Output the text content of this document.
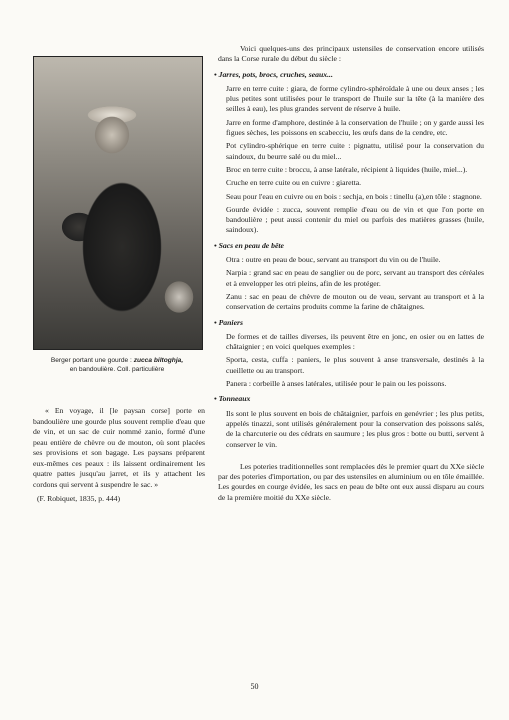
Berger portant une gourde : zucca biltoghja,
en bandoulière. Coll. particulière

« En voyage, il [le paysan corse] porte en bandoulière une gourde plus souvent remplie d'eau que de vin, et un sac de cuir nommé zanio, formé d'une peau entière de chèvre ou de mouton, où sont placées ses provisions et son bagage. Les paysans préparent eux-mêmes ces peaux : ils laissent ordinairement les quatre pattes jusqu'au jarret, et ils y attachent les cordons qui servent à suspendre le sac. »

(F. Robiquet, 1835, p. 444)

Voici quelques-uns des principaux ustensiles de conservation encore utilisés dans la Corse rurale du début du siècle :

• Jarres, pots, brocs, cruches, seaux...

Jarre en terre cuite : giara, de forme cylindro-sphéroïdale à une ou deux anses ; les plus petites sont utilisées pour le transport de l'huile sur la tête (à la manière des seilles à eau), les plus grandes servent de réserve à huile.

Jarre en forme d'amphore, destinée à la conservation de l'huile ; on y garde aussi les figues sèches, les poissons en scabecciu, les œufs dans de la cendre, etc.

Pot cylindro-sphérique en terre cuite : pignattu, utilisé pour la conservation du saindoux, du beurre salé ou du miel...

Broc en terre cuite : broccu, à anse latérale, récipient à liquides (huile, miel...).

Cruche en terre cuite ou en cuivre : giaretta.

Seau pour l'eau en cuivre ou en bois : sechja, en bois : tinellu (a),en tôle : stagnone.

Gourde évidée : zucca, souvent remplie d'eau ou de vin et que l'on porte en bandoulière ; peut aussi contenir du miel ou parfois des matières grasses (huile, saindoux).

• Sacs en peau de bête

Otra : outre en peau de bouc, servant au transport du vin ou de l'huile.

Narpia : grand sac en peau de sanglier ou de porc, servant au transport des céréales et à envelopper les otri pleins, afin de les protéger.

Zanu : sac en peau de chèvre de mouton ou de veau, servant au transport et à la conservation de certains produits comme la farine de châtaignes.

• Paniers

De formes et de tailles diverses, ils peuvent être en jonc, en osier ou en lattes de châtaignier ; en voici quelques exemples :

Sporta, cesta, cuffa : paniers, le plus souvent à anse transversale, destinés à la cueillette ou au transport.

Panera : corbeille à anses latérales, utilisée pour le pain ou les poissons.

• Tonneaux

Ils sont le plus souvent en bois de châtaignier, parfois en genévrier ; les plus petits, appelés tinazzi, sont utilisés généralement pour la conservation des poissons salés, de la charcuterie ou des cédrats en saumure ; les plus gros : botte ou butti, servent à conserver le vin.

Les poteries traditionnelles sont remplacées dès le premier quart du XXe siècle par des poteries d'importation, ou par des ustensiles en aluminium ou en tôle émaillée. Les gourdes en courge évidée, les sacs en peau de bête ont eux aussi disparu au cours de la première moitié du XXe siècle.

50
